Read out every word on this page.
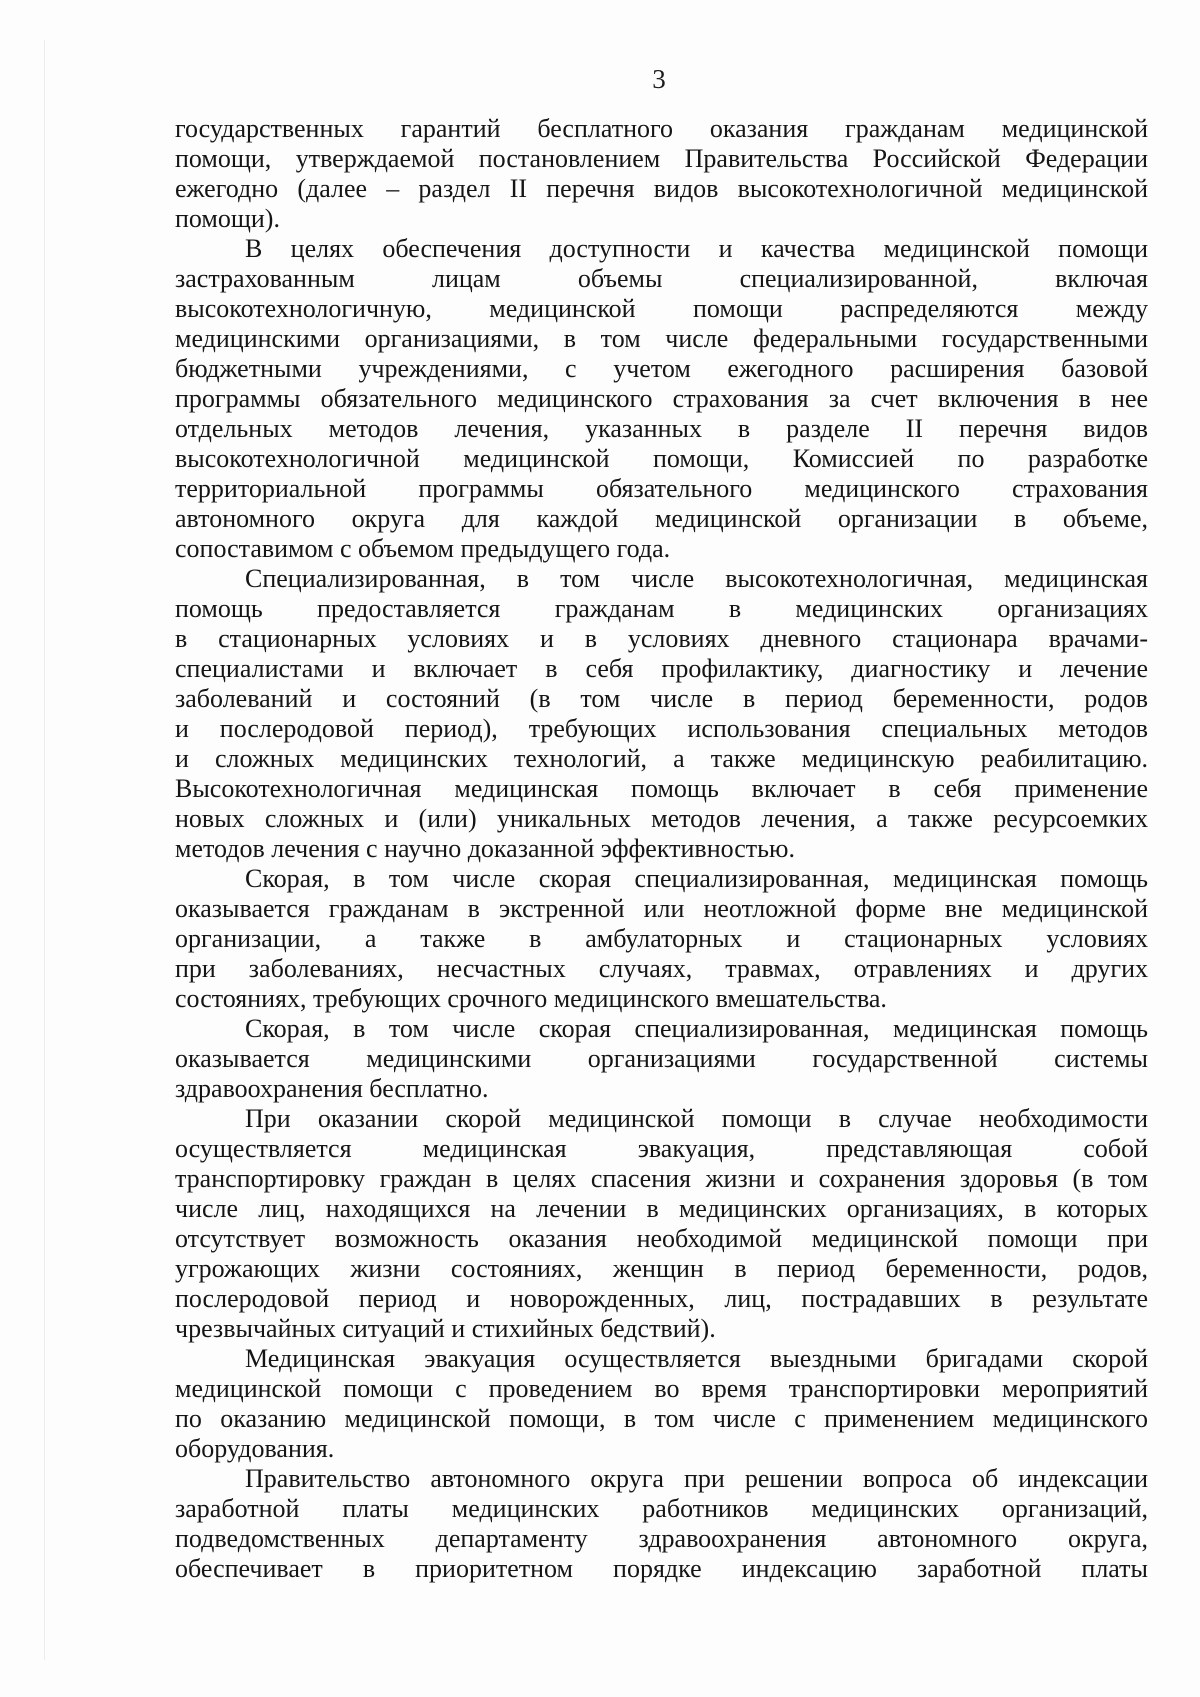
3

государственных гарантий бесплатного оказания гражданам медицинской
помощи, утверждаемой постановлением Правительства Российской Федерации
ежегодно (далее – раздел II перечня видов высокотехнологичной медицинской
помощи).

В целях обеспечения доступности и качества медицинской помощи
застрахованным лицам объемы специализированной, включая
высокотехнологичную, медицинской помощи распределяются между
медицинскими организациями, в том числе федеральными государственными
бюджетными учреждениями, с учетом ежегодного расширения базовой
программы обязательного медицинского страхования за счет включения в нее
отдельных методов лечения, указанных в разделе II перечня видов
высокотехнологичной медицинской помощи, Комиссией по разработке
территориальной программы обязательного медицинского страхования
автономного округа для каждой медицинской организации в объеме,
сопоставимом с объемом предыдущего года.

Специализированная, в том числе высокотехнологичная, медицинская
помощь предоставляется гражданам в медицинских организациях
в стационарных условиях и в условиях дневного стационара врачами-
специалистами и включает в себя профилактику, диагностику и лечение
заболеваний и состояний (в том числе в период беременности, родов
и послеродовой период), требующих использования специальных методов
и сложных медицинских технологий, а также медицинскую реабилитацию.
Высокотехнологичная медицинская помощь включает в себя применение
новых сложных и (или) уникальных методов лечения, а также ресурсоемких
методов лечения с научно доказанной эффективностью.

Скорая, в том числе скорая специализированная, медицинская помощь
оказывается гражданам в экстренной или неотложной форме вне медицинской
организации, а также в амбулаторных и стационарных условиях
при заболеваниях, несчастных случаях, травмах, отравлениях и других
состояниях, требующих срочного медицинского вмешательства.

Скорая, в том числе скорая специализированная, медицинская помощь
оказывается медицинскими организациями государственной системы
здравоохранения бесплатно.

При оказании скорой медицинской помощи в случае необходимости
осуществляется медицинская эвакуация, представляющая собой
транспортировку граждан в целях спасения жизни и сохранения здоровья (в том
числе лиц, находящихся на лечении в медицинских организациях, в которых
отсутствует возможность оказания необходимой медицинской помощи при
угрожающих жизни состояниях, женщин в период беременности, родов,
послеродовой период и новорожденных, лиц, пострадавших в результате
чрезвычайных ситуаций и стихийных бедствий).

Медицинская эвакуация осуществляется выездными бригадами скорой
медицинской помощи с проведением во время транспортировки мероприятий
по оказанию медицинской помощи, в том числе с применением медицинского
оборудования.

Правительство автономного округа при решении вопроса об индексации
заработной платы медицинских работников медицинских организаций,
подведомственных департаменту здравоохранения автономного округа,
обеспечивает в приоритетном порядке индексацию заработной платы
